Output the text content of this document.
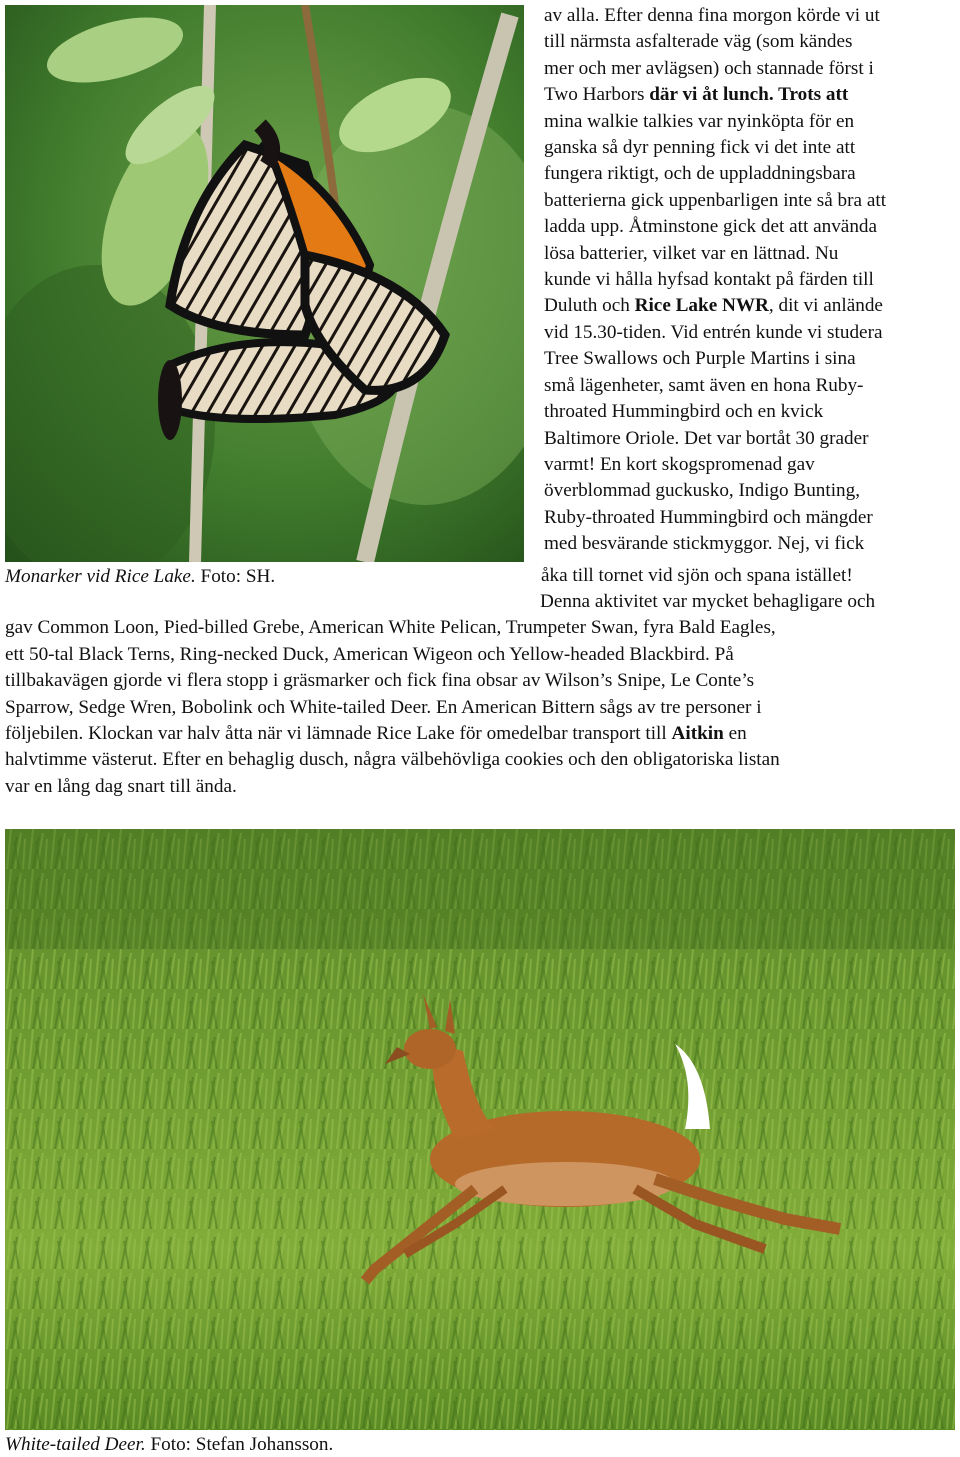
av alla. Efter denna fina morgon körde vi ut
till närmsta asfalterade väg (som kändes
mer och mer avlägsen) och stannade först i
Two Harbors där vi åt lunch. Trots att
mina walkie talkies var nyinköpta för en
ganska så dyr penning fick vi det inte att
fungera riktigt, och de uppladdningsbara
batterierna gick uppenbarligen inte så bra att
ladda upp. Åtminstone gick det att använda
lösa batterier, vilket var en lättnad. Nu
kunde vi hålla hyfsad kontakt på färden till
Duluth och Rice Lake NWR, dit vi anlände
vid 15.30-tiden. Vid entrén kunde vi studera
Tree Swallows och Purple Martins i sina
små lägenheter, samt även en hona Ruby-
throated Hummingbird och en kvick
Baltimore Oriole. Det var bortåt 30 grader
varmt! En kort skogspromenad gav
överblommad guckusko, Indigo Bunting,
Ruby-throated Hummingbird och mängder
med besvärande stickmyggor. Nej, vi fick
Monarker vid Rice Lake. Foto: SH.	åka till tornet vid sjön och spana istället!
Denna aktivitet var mycket behagligare och
gav Common Loon, Pied-billed Grebe, American White Pelican, Trumpeter Swan, fyra Bald Eagles,
ett 50-tal Black Terns, Ring-necked Duck, American Wigeon och Yellow-headed Blackbird. På
tillbakavägen gjorde vi flera stopp i gräsmarker och fick fina obsar av Wilson’s Snipe, Le Conte’s
Sparrow, Sedge Wren, Bobolink och White-tailed Deer. En American Bittern sågs av tre personer i
följebilen. Klockan var halv åtta när vi lämnade Rice Lake för omedelbar transport till Aitkin en
halvtimme västerut. Efter en behaglig dusch, några välbehövliga cookies och den obligatoriska listan
var en lång dag snart till ända.
White-tailed Deer. Foto: Stefan Johansson.
